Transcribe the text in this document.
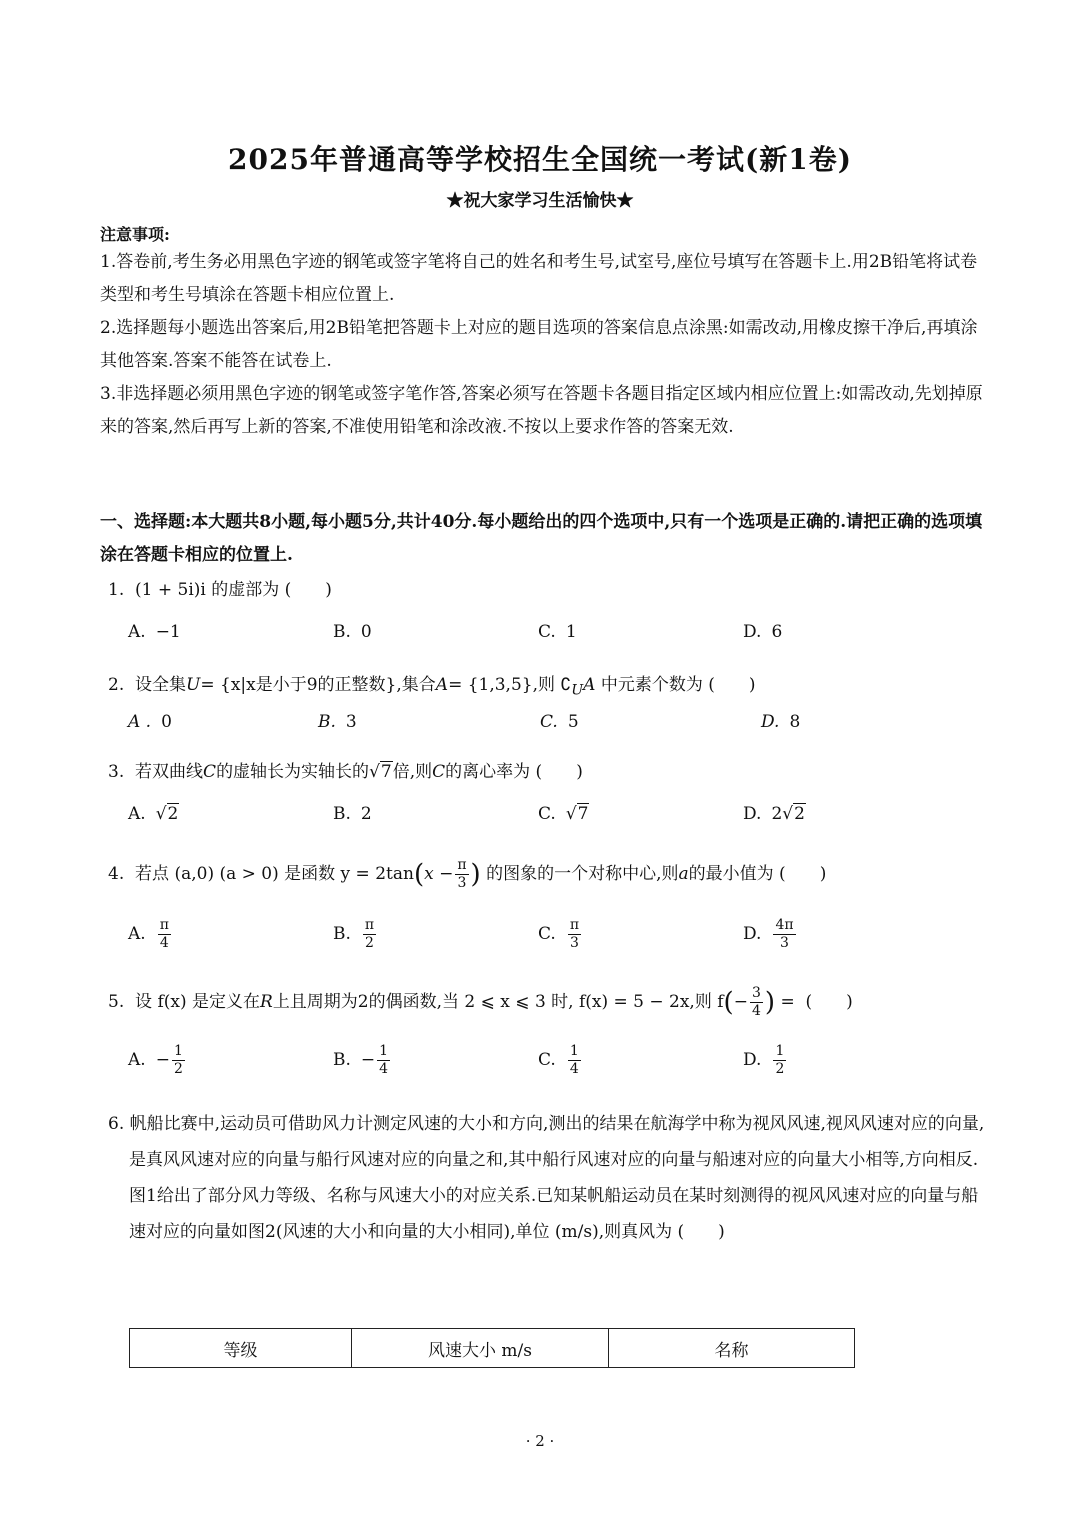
2025年普通高等学校招生全国统一考试(新1卷)
★祝大家学习生活愉快★
注意事项:

1.答卷前,考生务必用黑色字迹的钢笔或签字笔将自己的姓名和考生号,试室号,座位号填写在答题卡上.用2B铅笔将试卷类型和考生号填涂在答题卡相应位置上.

2.选择题每小题选出答案后,用2B铅笔把答题卡上对应的题目选项的答案信息点涂黑:如需改动,用橡皮擦干净后,再填涂其他答案.答案不能答在试卷上.

3.非选择题必须用黑色字迹的钢笔或签字笔作答,答案必须写在答题卡各题目指定区域内相应位置上:如需改动,先划掉原来的答案,然后再写上新的答案,不准使用铅笔和涂改液.不按以上要求作答的答案无效.

一、选择题:本大题共8小题,每小题5分,共计40分.每小题给出的四个选项中,只有一个选项是正确的.请把正确的选项填涂在答题卡相应的位置上.
1. (1 + 5i)i 的虚部为 (　　)
A. −1	B. 0	C. 1	D. 6
2. 设全集U= {x|x是小于9的正整数},集合A= {1,3,5},则 $∁_UA$ 中元素个数为 (　　)
A . 0	B. 3	C. 5	D. 8
3. 若双曲线C的虚轴长为实轴长的√7倍,则C的离心率为 (　　)
A. √2	B. 2	C. √7	D. 2 √2
4. 若点 (a,0) (a > 0) 是函数 $y = 2\tan(x - \frac{\pi}{3}$ ) 的图象的一个对称中心,则a的最小值为 (　　)
A. $\frac{\pi}{4}$	B. $\frac{\pi}{2}$	C. $\frac{\pi}{3}$	D. $\frac{4\pi}{3}$
5. 设 f(x) 是定义在R上且周期为2的偶函数,当 2 ⩽ x ⩽ 3 时, f(x) = 5 − 2x,则 $f(- \frac{3}{4}$ ) = (　　)
A. − $\frac{1}{2}$	B. − $\frac{1}{4}$	C. $\frac{1}{4}$	D. $\frac{1}{2}$
6. 帆船比赛中,运动员可借助风力计测定风速的大小和方向,测出的结果在航海学中称为视风风速,视风风速对应的向量,是真风风速对应的向量与船行风速对应的向量之和,其中船行风速对应的向量与船速对应的向量大小相等,方向相反.图1给出了部分风力等级、名称与风速大小的对应关系.已知某帆船运动员在某时刻测得的视风风速对应的向量与船速对应的向量如图2(风速的大小和向量的大小相同),单位 (m/s),则真风为 (　　)
等级	风速大小 m/s	名称
· 2 ·
